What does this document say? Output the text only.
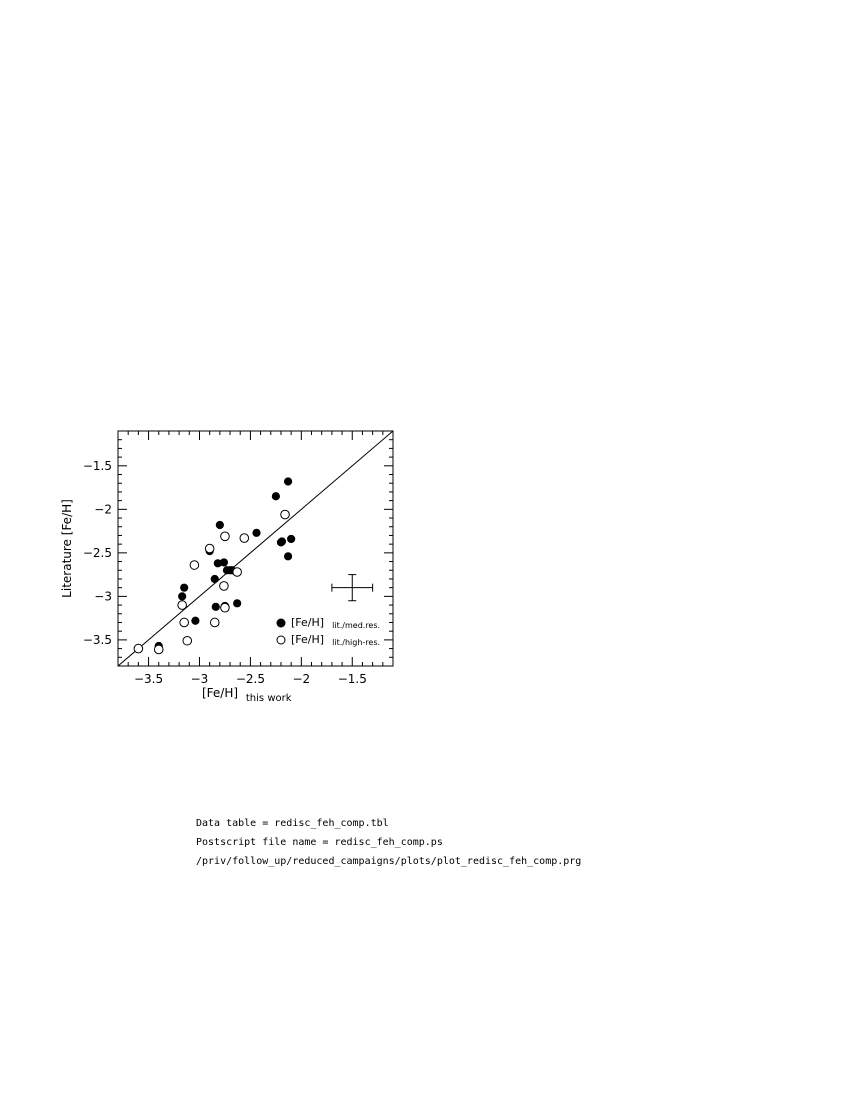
−3.5 −3 −2.5 −2 −1.5
−3.5
−3
−2.5
−2
−1.5
[Fe/H] lit./med.res.
[Fe/H] lit./high-res.
[Fe/H] $_{this work}$
Literature [Fe/H]
Data table = redisc_feh_comp.tbl
Postscript file name = redisc_feh_comp.ps
/priv/follow_up/reduced_campaigns/plots/plot_redisc_feh_comp.prg
